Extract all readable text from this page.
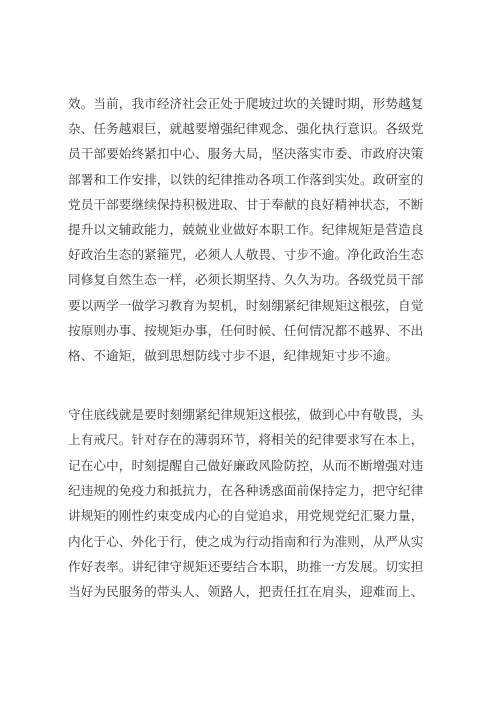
效。当前，我市经济社会正处于爬坡过坎的关键时期，形势越复
杂、任务越艰巨，就越要增强纪律观念、强化执行意识。各级党
员干部要始终紧扣中心、服务大局，坚决落实市委、市政府决策
部署和工作安排，以铁的纪律推动各项工作落到实处。政研室的
党员干部要继续保持积极进取、甘于奉献的良好精神状态，不断
提升以文辅政能力，兢兢业业做好本职工作。纪律规矩是营造良
好政治生态的紧箍咒，必须人人敬畏、寸步不逾。净化政治生态
同修复自然生态一样，必须长期坚持、久久为功。各级党员干部
要以两学一做学习教育为契机，时刻绷紧纪律规矩这根弦，自觉
按原则办事、按规矩办事，任何时候、任何情况都不越界、不出
格、不逾矩，做到思想防线寸步不退，纪律规矩寸步不逾。
守住底线就是要时刻绷紧纪律规矩这根弦，做到心中有敬畏，头
上有戒尺。针对存在的薄弱环节，将相关的纪律要求写在本上，
记在心中，时刻提醒自己做好廉政风险防控，从而不断增强对违
纪违规的免疫力和抵抗力，在各种诱惑面前保持定力，把守纪律
讲规矩的刚性约束变成内心的自觉追求，用党规党纪汇聚力量，
内化于心、外化于行，使之成为行动指南和行为准则，从严从实
作好表率。讲纪律守规矩还要结合本职，助推一方发展。切实担
当好为民服务的带头人、领路人，把责任扛在肩头，迎难而上、
